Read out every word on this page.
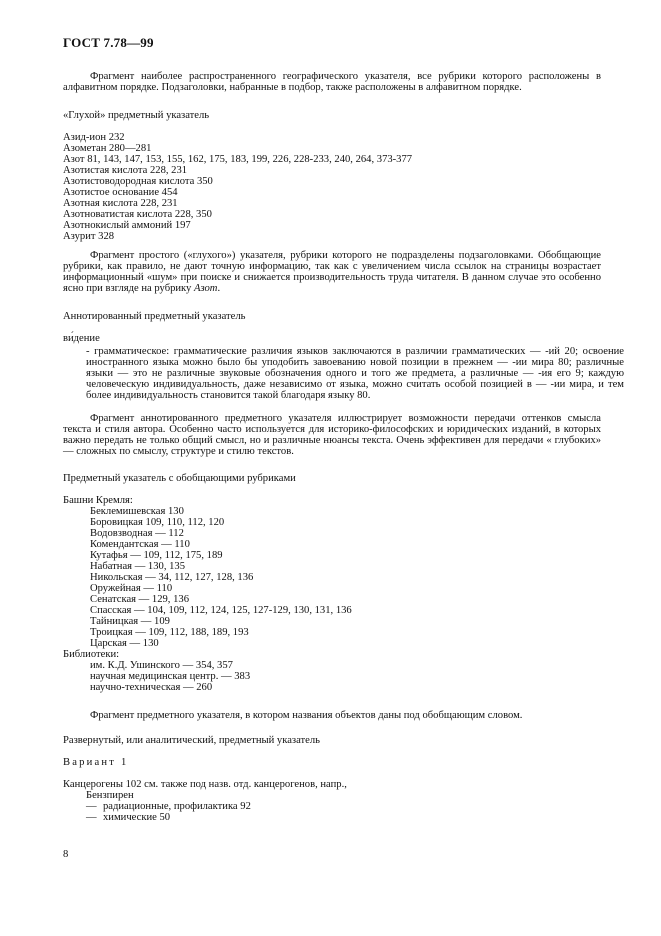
ГОСТ 7.78—99
Фрагмент наиболее распространенного географического указателя, все рубрики которого расположены в алфавитном порядке. Подзаголовки, набранные в подбор, также расположены в алфавитном порядке.
«Глухой» предметный указатель
Азид-ион 232
Азометан 280—281
Азот 81, 143, 147, 153, 155, 162, 175, 183, 199, 226, 228-233, 240, 264, 373-377
Азотистая кислота 228, 231
Азотистоводородная кислота 350
Азотистое основание 454
Азотная кислота 228, 231
Азотноватистая кислота 228, 350
Азотнокислый аммоний 197
Азурит 328
Фрагмент простого («глухого») указателя, рубрики которого не подразделены подзаголовками. Обобщающие рубрики, как правило, не дают точную информацию, так как с увеличением числа ссылок на страницы возрастает информационный «шум» при поиске и снижается производительность труда читателя. В данном случае это особенно ясно при взгляде на рубрику Азот.
Аннотированный предметный указатель
ви́дение
- грамматическое: грамматические различия языков заключаются в различии грамматических — -ий 20; освоение иностранного языка можно было бы уподобить завоеванию новой позиции в прежнем — -ии мира 80; различные языки — это не различные звуковые обозначения одного и того же предмета, а различные — -ия его 9; каждую человеческую индивидуальность, даже независимо от языка, можно считать особой позицией в — -ии мира, и тем более индивидуальность становится такой благодаря языку 80.
Фрагмент аннотированного предметного указателя иллюстрирует возможности передачи оттенков смысла текста и стиля автора. Особенно часто используется для историко-философских и юридических изданий, в которых важно передать не только общий смысл, но и различные нюансы текста. Очень эффективен для передачи « глубоких» — сложных по смыслу, структуре и стилю текстов.
Предметный указатель с обобщающими рубриками
Башни Кремля:
Беклемишевская 130
Боровицкая 109, 110, 112, 120
Водовзводная — 112
Комендантская — 110
Кутафья — 109, 112, 175, 189
Набатная — 130, 135
Никольская — 34, 112, 127, 128, 136
Оружейная — 110
Сенатская — 129, 136
Спасская — 104, 109, 112, 124, 125, 127-129, 130, 131, 136
Тайницкая — 109
Троицкая — 109, 112, 188, 189, 193
Царская — 130
Библиотеки:
им. К.Д. Ушинского — 354, 357
научная медицинская центр. — 383
научно-техническая — 260
Фрагмент предметного указателя, в котором названия объектов даны под обобщающим словом.
Развернутый, или аналитический, предметный указатель
Вариант 1
Канцерогены 102 см. также под назв. отд. канцерогенов, напр.,
Бензпирен
— радиационные, профилактика 92
— химические 50
8
